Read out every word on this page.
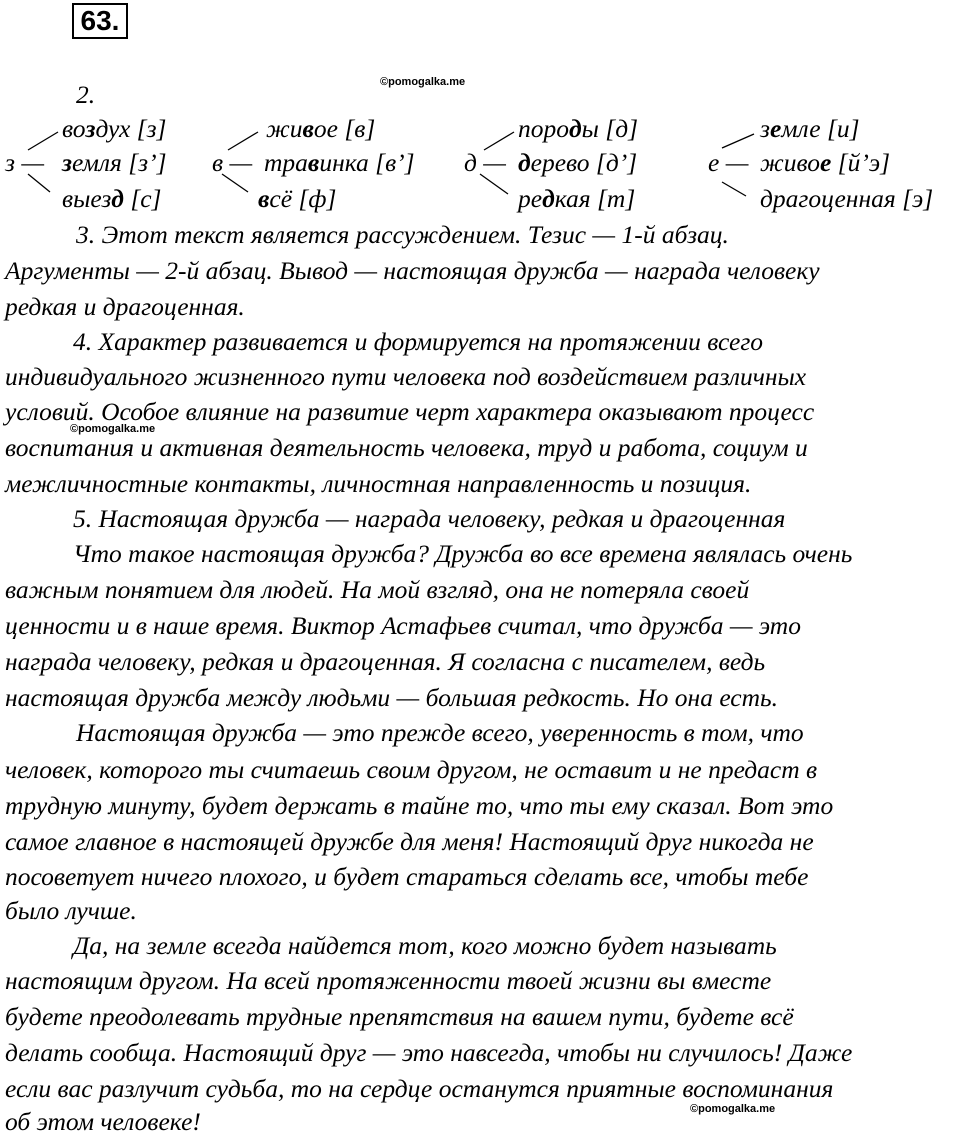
63.
©pomogalka.me
©pomogalka.me
©pomogalka.me
2.
з —
воздух [з]
земля [з’]
выезд [с]
в —
живое [в]
травинка [в’]
всё [ф]
д —
породы [д]
дерево [д’]
редкая [т]
е —
земле [и]
живое [й’э]
драгоценная [э]
3. Этот текст является рассуждением. Тезис — 1-й абзац.
Аргументы — 2-й абзац. Вывод — настоящая дружба — награда человеку
редкая и драгоценная.
4. Характер развивается и формируется на протяжении всего
индивидуального жизненного пути человека под воздействием различных
условий. Особое влияние на развитие черт характера оказывают процесс
воспитания и активная деятельность человека, труд и работа, социум и
межличностные контакты, личностная направленность и позиция.
5. Настоящая дружба — награда человеку, редкая и драгоценная
Что такое настоящая дружба? Дружба во все времена являлась очень
важным понятием для людей. На мой взгляд, она не потеряла своей
ценности и в наше время. Виктор Астафьев считал, что дружба — это
награда человеку, редкая и драгоценная. Я согласна с писателем, ведь
настоящая дружба между людьми — большая редкость. Но она есть.
Настоящая дружба — это прежде всего, уверенность в том, что
человек, которого ты считаешь своим другом, не оставит и не предаст в
трудную минуту, будет держать в тайне то, что ты ему сказал. Вот это
самое главное в настоящей дружбе для меня! Настоящий друг никогда не
посоветует ничего плохого, и будет стараться сделать все, чтобы тебе
было лучше.
Да, на земле всегда найдется тот, кого можно будет называть
настоящим другом. На всей протяженности твоей жизни вы вместе
будете преодолевать трудные препятствия на вашем пути, будете всё
делать сообща. Настоящий друг — это навсегда, чтобы ни случилось! Даже
если вас разлучит судьба, то на сердце останутся приятные воспоминания
об этом человеке!
